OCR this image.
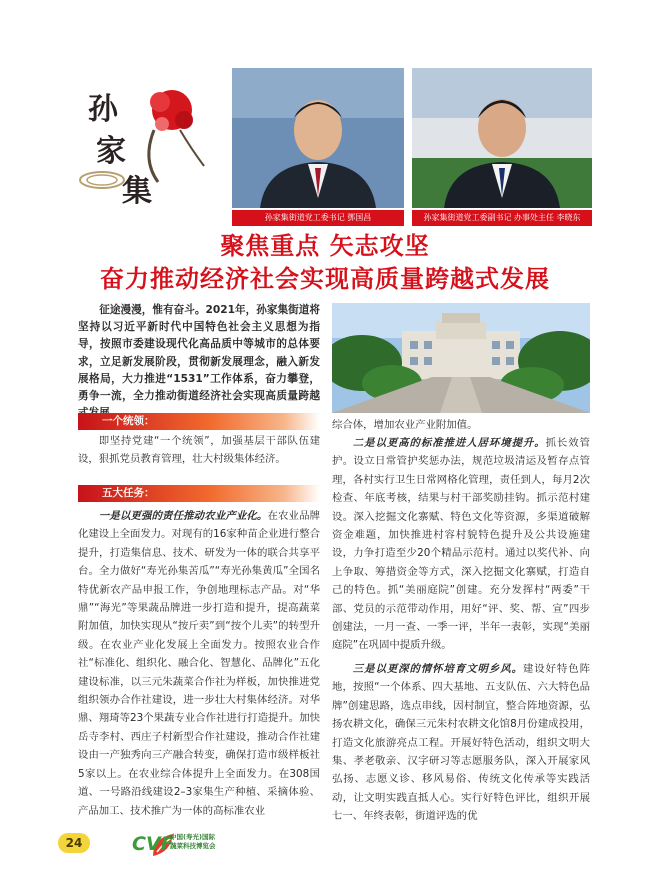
孙
家
集
孙家集街道党工委书记 鄧国昌	孙家集街道党工委副书记 办事处主任 李晓东
聚焦重点 矢志攻坚
奋力推动经济社会实现高质量跨越式发展
征途漫漫，惟有奋斗。2021年，孙家集街道将坚持以习近平新时代中国特色社会主义思想为指导，按照市委建设现代化高品质中等城市的总体要求，立足新发展阶段，贯彻新发展理念，融入新发展格局，大力推进“1531”工作体系，奋力攀登，勇争一流，全力推动街道经济社会实现高质量跨越
一个统领：

即坚持党建“一个统领”，加强基层干部队伍建设，狠抓党员教育管理，壮大村级集体经济。

五大任务：

一是以更强的责任推动农业产业化。在农业品牌化建设上全面发力。对现有的16家种苗企业进行整合提升，打造集信息、技术、研发为一体的联合共享平台。全力做好“寿光孙集苦瓜”“寿光孙集黄瓜”全国名特优新农产品申报工作，争创地理标志产品。对“华鼎”“海光”等果蔬品牌进一步打造和提升，提高蔬菜附加值，加快实现从“按斤卖”到“按个儿卖”的转型升级。在农业产业化发展上全面发力。按照农业合作社“标准化、组织化、融合化、智慧化、品牌化”五化建设标准，以三元朱蔬菜合作社为样板，加快推进党组织领办合作社建设，进一步壮大村集体经济。对华鼎、翔琦等23个果蔬专业合作社进行打造提升。加快岳寺李村、西庄子村新型合作社建设，推动合作社建设由一产独秀向三产融合转变，确保打造市级样板社5家以上。在农业综合体提升上全面发力。在308国道、一号路沿线建设2–3家集生产种植、采摘体验、产品加工、技术推广为一体的高标准农业

综合体，增加农业产业附加值。

二是以更高的标准推进人居环境提升。抓长效管护。设立日常管护奖惩办法，规范垃圾清运及暂存点管理，各村实行卫生日常网格化管理，责任到人，每月2次检查、年底考核，结果与村干部奖励挂钩。抓示范村建设。深入挖掘文化寨赋、特色文化等资源，多渠道破解资金难题，加快推进村容村貌特色提升及公共设施建设，力争打造至少20个精品示范村。通过以奖代补、向上争取、筹措资金等方式，深入挖掘文化寨赋，打造自己的特色。抓“美丽庭院”创建。充分发挥村“两委”干部、党员的示范带动作用，用好“评、奖、帮、宣”四步创建法，一月一查、一季一评，半年一表彰，实现“美丽庭院”在巩固中提质升级。

三是以更深的情怀培育文明乡风。建设好特色阵地，按照“一个体系、四大基地、五支队伍、六大特色品牌”创建思路，选点串线，因村制宜，整合阵地资源，弘扬农耕文化，确保三元朱村农耕文化馆8月份建成投用，打造文化旅游亮点工程。开展好特色活动，组织文明大集、孝老敬亲、汉字研习等志愿服务队，深入开展家风弘扬、志愿义诊、移风易俗、传统文化传承等实践活动，让文明实践直抵人心。实行好特色评比，组织开展七一、年终表彰，街道评选的优

24	CVF
中国(寿光)国际
蔬菜科技博览会
